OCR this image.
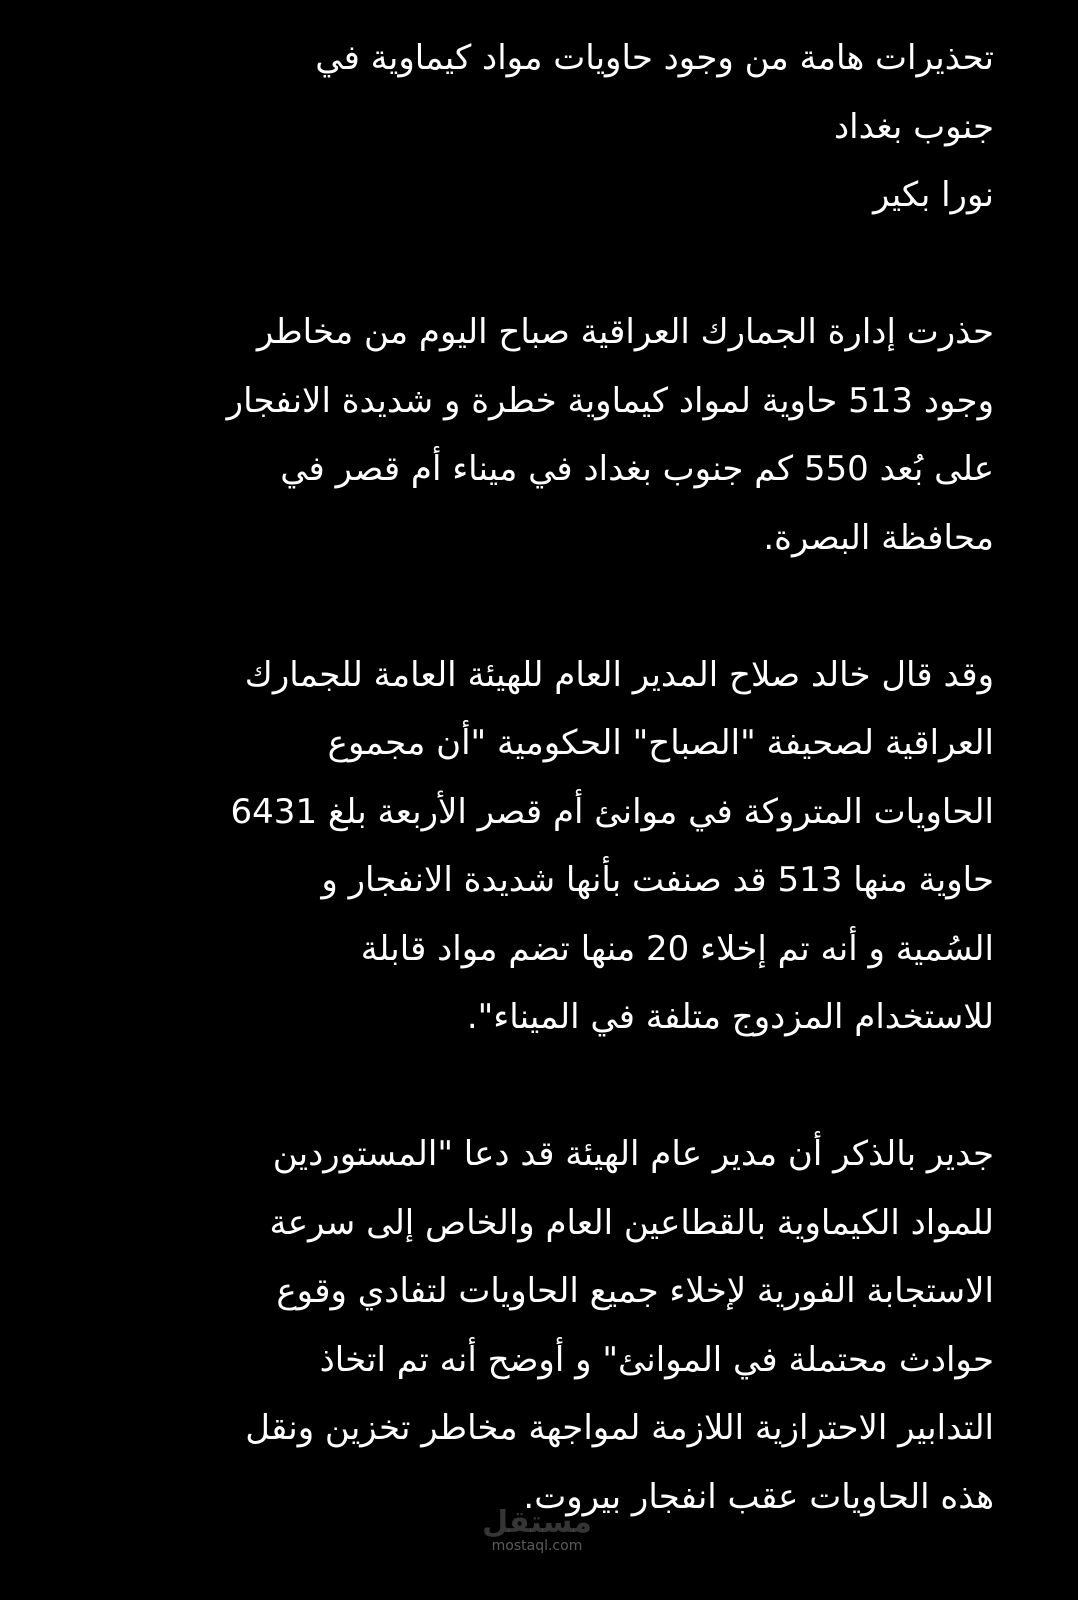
تحذيرات هامة من وجود حاويات مواد كيماوية في
جنوب بغداد
نورا بكير
حذرت إدارة الجمارك العراقية صباح اليوم من مخاطر
وجود 513 حاوية لمواد كيماوية خطرة و شديدة الانفجار
على بُعد 550 كم جنوب بغداد في ميناء أم قصر في
محافظة البصرة.
وقد قال خالد صلاح المدير العام للهيئة العامة للجمارك
العراقية لصحيفة "الصباح" الحكومية "أن مجموع
الحاويات المتروكة في موانئ أم قصر الأربعة بلغ 6431
حاوية منها 513 قد صنفت بأنها شديدة الانفجار و
السُمية و أنه تم إخلاء 20 منها تضم مواد قابلة
للاستخدام المزدوج متلفة في الميناء".
جدير بالذكر أن مدير عام الهيئة قد دعا "المستوردين
للمواد الكيماوية بالقطاعين العام والخاص إلى سرعة
الاستجابة الفورية لإخلاء جميع الحاويات لتفادي وقوع
حوادث محتملة في الموانئ" و أوضح أنه تم اتخاذ
التدابير الاحترازية اللازمة لمواجهة مخاطر تخزين ونقل
هذه الحاويات عقب انفجار بيروت.
مستقل
mostaql.com
